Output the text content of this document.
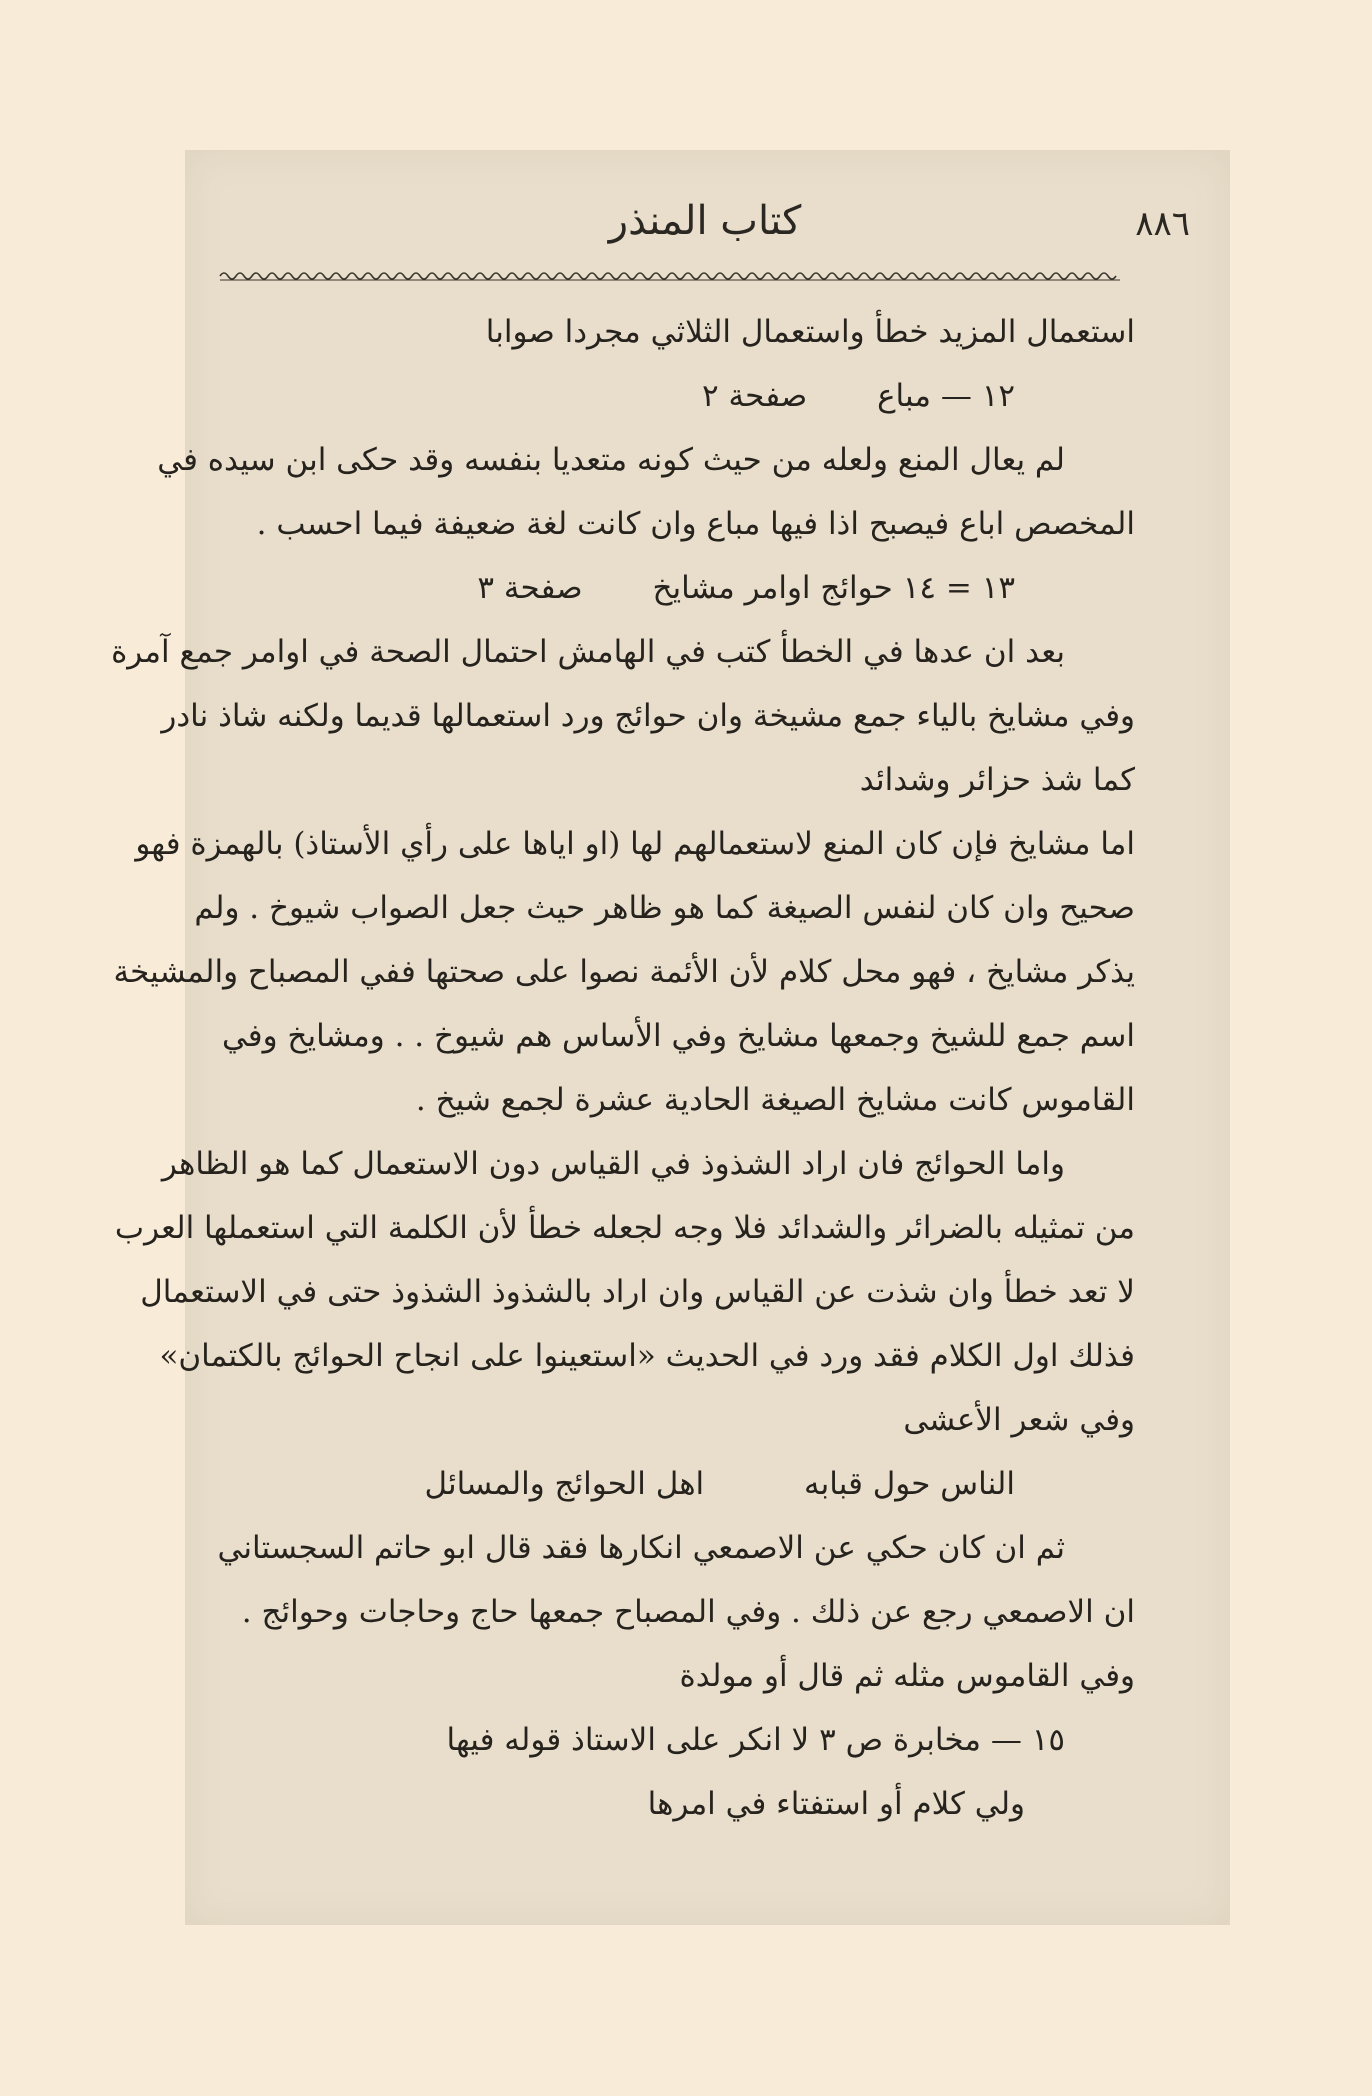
٨٨٦
كتاب المنذر
استعمال المزيد خطأ واستعمال الثلاثي مجردا صوابا
١٢ — مباع صفحة ٢
لم يعال المنع ولعله من حيث كونه متعديا بنفسه وقد حكى ابن سيده في
المخصص اباع فيصبح اذا فيها مباع وان كانت لغة ضعيفة فيما احسب .
١٣ = ١٤ حوائج اوامر مشايخ صفحة ٣
بعد ان عدها في الخطأ كتب في الهامش احتمال الصحة في اوامر جمع آمرة
وفي مشايخ بالياء جمع مشيخة وان حوائج ورد استعمالها قديما ولكنه شاذ نادر
كما شذ حزائر وشدائد
اما مشايخ فإن كان المنع لاستعمالهم لها (او اياها على رأي الأستاذ) بالهمزة فهو
صحيح وان كان لنفس الصيغة كما هو ظاهر حيث جعل الصواب شيوخ . ولم
يذكر مشايخ ، فهو محل كلام لأن الأئمة نصوا على صحتها ففي المصباح والمشيخة
اسم جمع للشيخ وجمعها مشايخ وفي الأساس هم شيوخ . . ومشايخ وفي
القاموس كانت مشايخ الصيغة الحادية عشرة لجمع شيخ .
واما الحوائج فان اراد الشذوذ في القياس دون الاستعمال كما هو الظاهر
من تمثيله بالضرائر والشدائد فلا وجه لجعله خطأ لأن الكلمة التي استعملها العرب
لا تعد خطأ وان شذت عن القياس وان اراد بالشذوذ الشذوذ حتى في الاستعمال
فذلك اول الكلام فقد ورد في الحديث «استعينوا على انجاح الحوائج بالكتمان»
وفي شعر الأعشى
الناس حول قبابه اهل الحوائج والمسائل
ثم ان كان حكي عن الاصمعي انكارها فقد قال ابو حاتم السجستاني
ان الاصمعي رجع عن ذلك . وفي المصباح جمعها حاج وحاجات وحوائج .
وفي القاموس مثله ثم قال أو مولدة
١٥ — مخابرة ص ٣ لا انكر على الاستاذ قوله فيها
ولي كلام أو استفتاء في امرها
